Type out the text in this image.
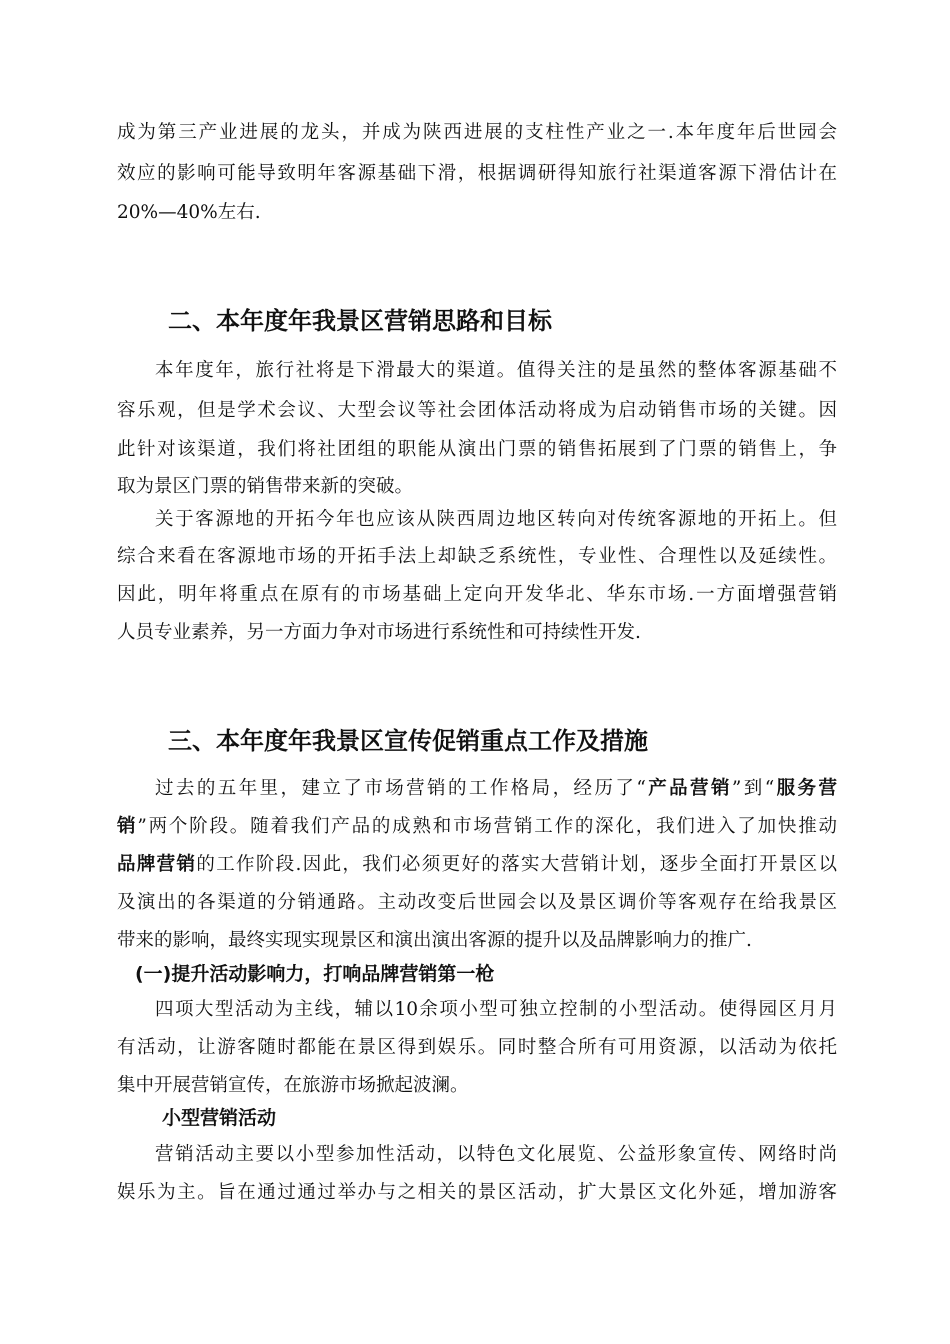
成为第三产业进展的龙头，并成为陕西进展的支柱性产业之一.本年度年后世园会
效应的影响可能导致明年客源基础下滑，根据调研得知旅行社渠道客源下滑估计在
20%—40%左右.
二、本年度年我景区营销思路和目标
本年度年，旅行社将是下滑最大的渠道。值得关注的是虽然的整体客源基础不
容乐观，但是学术会议、大型会议等社会团体活动将成为启动销售市场的关键。因
此针对该渠道，我们将社团组的职能从演出门票的销售拓展到了门票的销售上，争
取为景区门票的销售带来新的突破。
关于客源地的开拓今年也应该从陕西周边地区转向对传统客源地的开拓上。但
综合来看在客源地市场的开拓手法上却缺乏系统性，专业性、合理性以及延续性。
因此，明年将重点在原有的市场基础上定向开发华北、华东市场.一方面增强营销
人员专业素养，另一方面力争对市场进行系统性和可持续性开发.
三、本年度年我景区宣传促销重点工作及措施
过去的五年里，建立了市场营销的工作格局，经历了“产品营销”到“服务营
销”两个阶段。随着我们产品的成熟和市场营销工作的深化，我们进入了加快推动
品牌营销的工作阶段.因此，我们必须更好的落实大营销计划，逐步全面打开景区以
及演出的各渠道的分销通路。主动改变后世园会以及景区调价等客观存在给我景区
带来的影响，最终实现实现景区和演出演出客源的提升以及品牌影响力的推广.
(一)提升活动影响力，打响品牌营销第一枪
四项大型活动为主线，辅以10余项小型可独立控制的小型活动。使得园区月月
有活动，让游客随时都能在景区得到娱乐。同时整合所有可用资源，以活动为依托
集中开展营销宣传，在旅游市场掀起波澜。
小型营销活动
营销活动主要以小型参加性活动，以特色文化展览、公益形象宣传、网络时尚
娱乐为主。旨在通过通过举办与之相关的景区活动，扩大景区文化外延，增加游客
